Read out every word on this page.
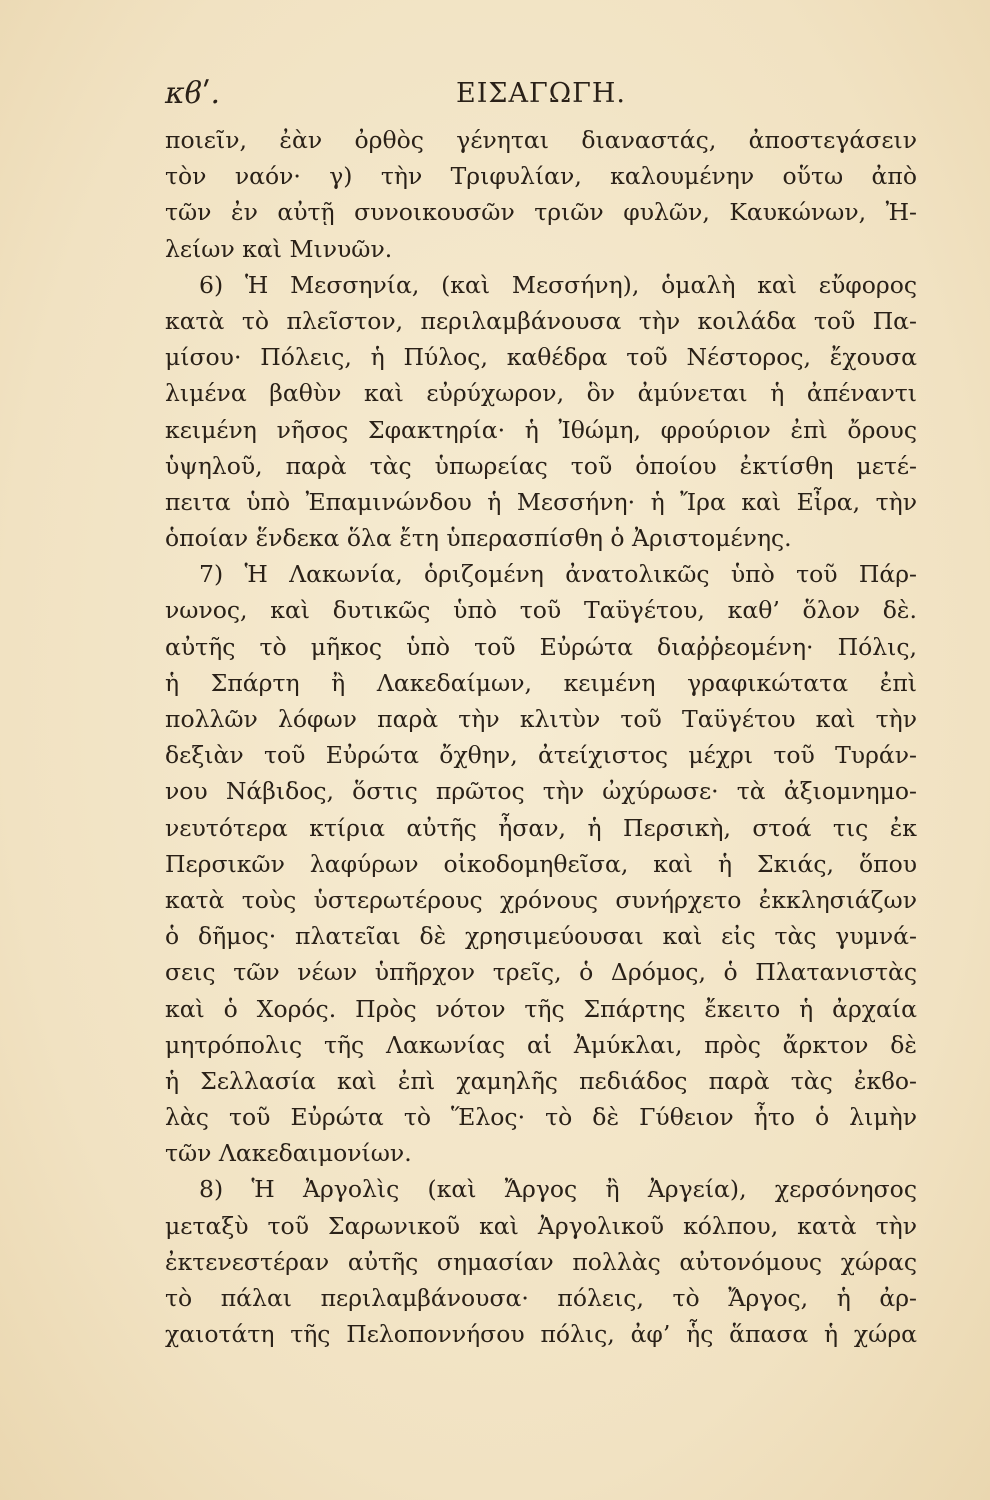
κϐʹ.	ΕΙΣΑΓΩΓΗ.
ποιεῖν, ἐὰν ὀρθὸς γένηται διαναστάς, ἀποστεγάσειν
τὸν ναόν· γ) τὴν Τριφυλίαν, καλουμένην οὕτω ἀπὸ
τῶν ἐν αὐτῇ συνοικουσῶν τριῶν φυλῶν, Καυκώνων, Ἠ-
λείων καὶ Μινυῶν.
6) Ἡ Μεσσηνία, (καὶ Μεσσήνη), ὁμαλὴ καὶ εὔφορος
κατὰ τὸ πλεῖστον, περιλαμβάνουσα τὴν κοιλάδα τοῦ Πα-
μίσου· Πόλεις, ἡ Πύλος, καθέδρα τοῦ Νέστορος, ἔχουσα
λιμένα βαθὺν καὶ εὐρύχωρον, ὃν ἀμύνεται ἡ ἀπέναντι
κειμένη νῆσος Σφακτηρία· ἡ Ἰθώμη, φρούριον ἐπὶ ὄρους
ὑψηλοῦ, παρὰ τὰς ὑπωρείας τοῦ ὁποίου ἐκτίσθη μετέ-
πειτα ὑπὸ Ἐπαμινώνδου ἡ Μεσσήνη· ἡ Ἴρα καὶ Εἶρα, τὴν
ὁποίαν ἕνδεκα ὅλα ἔτη ὑπερασπίσθη ὁ Ἀριστομένης.
7) Ἡ Λακωνία, ὁριζομένη ἀνατολικῶς ὑπὸ τοῦ Πάρ-
νωνος, καὶ δυτικῶς ὑπὸ τοῦ Ταϋγέτου, καθ’ ὅλον δὲ.
αὐτῆς τὸ μῆκος ὑπὸ τοῦ Εὐρώτα διαῤῥεομένη· Πόλις,
ἡ Σπάρτη ἢ Λακεδαίμων, κειμένη γραφικώτατα ἐπὶ
πολλῶν λόφων παρὰ τὴν κλιτὺν τοῦ Ταϋγέτου καὶ τὴν
δεξιὰν τοῦ Εὐρώτα ὄχθην, ἀτείχιστος μέχρι τοῦ Τυράν-
νου Νάβιδος, ὅστις πρῶτος τὴν ὠχύρωσε· τὰ ἀξιομνημο-
νευτότερα κτίρια αὐτῆς ἦσαν, ἡ Περσικὴ, στοά τις ἐκ
Περσικῶν λαφύρων οἰκοδομηθεῖσα, καὶ ἡ Σκιάς, ὅπου
κατὰ τοὺς ὑστερωτέρους χρόνους συνήρχετο ἐκκλησιάζων
ὁ δῆμος· πλατεῖαι δὲ χρησιμεύουσαι καὶ εἰς τὰς γυμνά-
σεις τῶν νέων ὑπῆρχον τρεῖς, ὁ Δρόμος, ὁ Πλατανιστὰς
καὶ ὁ Χορός. Πρὸς νότον τῆς Σπάρτης ἔκειτο ἡ ἀρχαία
μητρόπολις τῆς Λακωνίας αἱ Ἀμύκλαι, πρὸς ἄρκτον δὲ
ἡ Σελλασία καὶ ἐπὶ χαμηλῆς πεδιάδος παρὰ τὰς ἐκϐο-
λὰς τοῦ Εὐρώτα τὸ Ἕλος· τὸ δὲ Γύθειον ἦτο ὁ λιμὴν
τῶν Λακεδαιμονίων.
8) Ἡ Ἀργολὶς (καὶ Ἄργος ἢ Ἀργεία), χερσόνησος
μεταξὺ τοῦ Σαρωνικοῦ καὶ Ἀργολικοῦ κόλπου, κατὰ τὴν
ἐκτενεστέραν αὐτῆς σημασίαν πολλὰς αὐτονόμους χώρας
τὸ πάλαι περιλαμβάνουσα· πόλεις, τὸ Ἄργος, ἡ ἀρ-
χαιοτάτη τῆς Πελοποννήσου πόλις, ἀφ’ ἧς ἅπασα ἡ χώρα
